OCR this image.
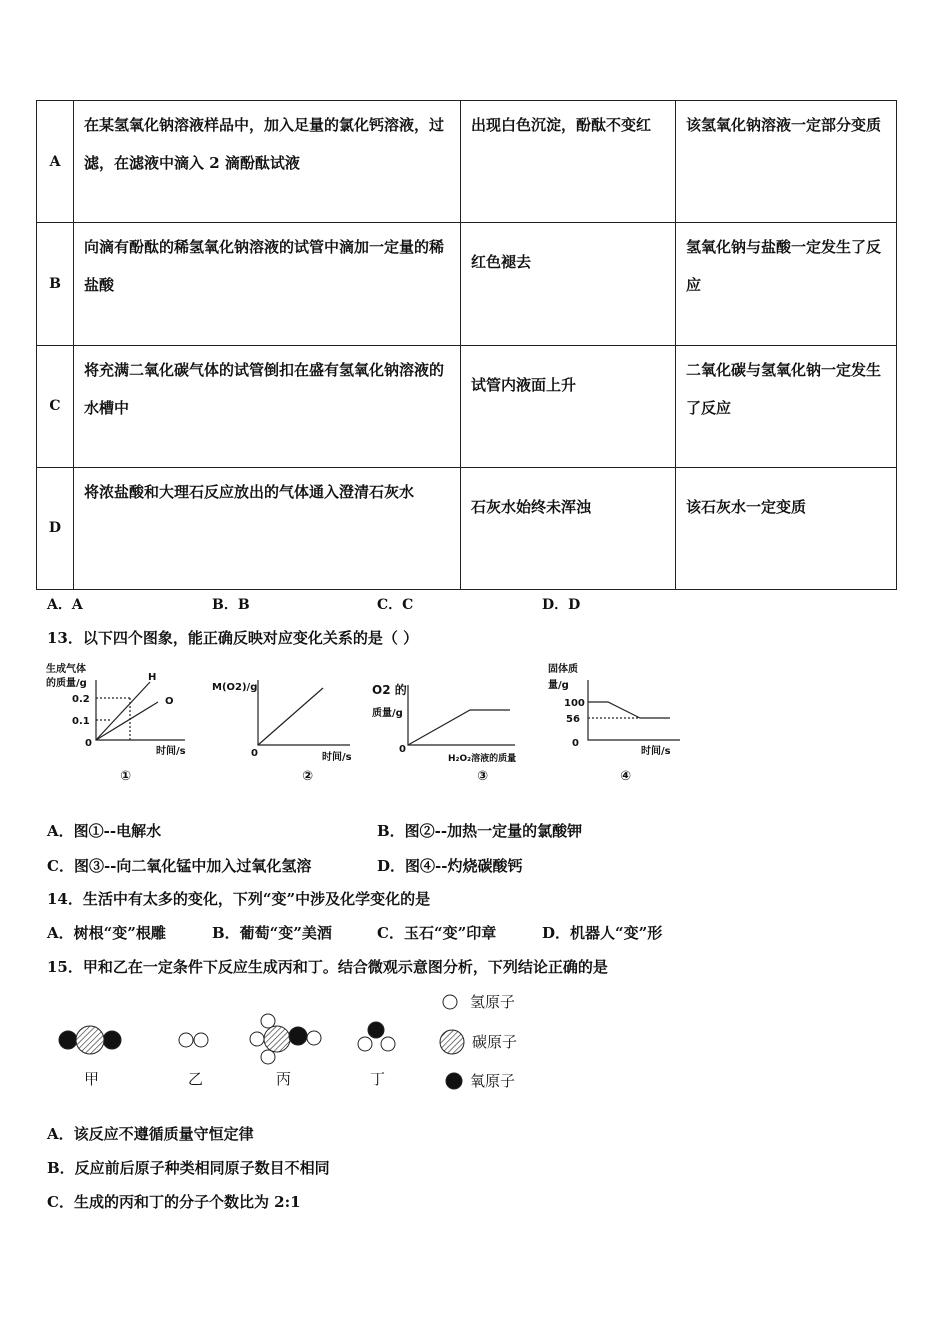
A	在某氢氧化钠溶液样品中，加入足量的氯化钙溶液，过滤，在滤液中滴入 2 滴酚酞试液	出现白色沉淀，酚酞不变红	该氢氧化钠溶液一定部分变质
B	向滴有酚酞的稀氢氧化钠溶液的试管中滴加一定量的稀盐酸	红色褪去	氢氧化钠与盐酸一定发生了反应
C	将充满二氧化碳气体的试管倒扣在盛有氢氧化钠溶液的水槽中	试管内液面上升	二氧化碳与氢氧化钠一定发生了反应
D	将浓盐酸和大理石反应放出的气体通入澄清石灰水	石灰水始终未浑浊	该石灰水一定变质
A．A	B．B	C．C	D．D
13．以下四个图象，能正确反映对应变化关系的是（ ）
生成气体
的质量/g
0.2
0.1
0
H
O
时间/s
①
M(O2)/g
0	时间/s
②
O2 的
质量/g
0
H₂O₂溶液的质量
③
固体质
量/g
100
56
0
时间/s
④
A．图①--电解水	B．图②--加热一定量的氯酸钾
C．图③--向二氧化锰中加入过氧化氢溶	D．图④--灼烧碳酸钙
14．生活中有太多的变化，下列“变”中涉及化学变化的是
A．树根“变”根雕	B．葡萄“变”美酒	C．玉石“变”印章	D．机器人“变”形
15．甲和乙在一定条件下反应生成丙和丁。结合微观示意图分析，下列结论正确的是
甲	乙	丙	丁
氢原子
碳原子
氧原子
A．该反应不遵循质量守恒定律
B．反应前后原子种类相同原子数目不相同
C．生成的丙和丁的分子个数比为 2:1
